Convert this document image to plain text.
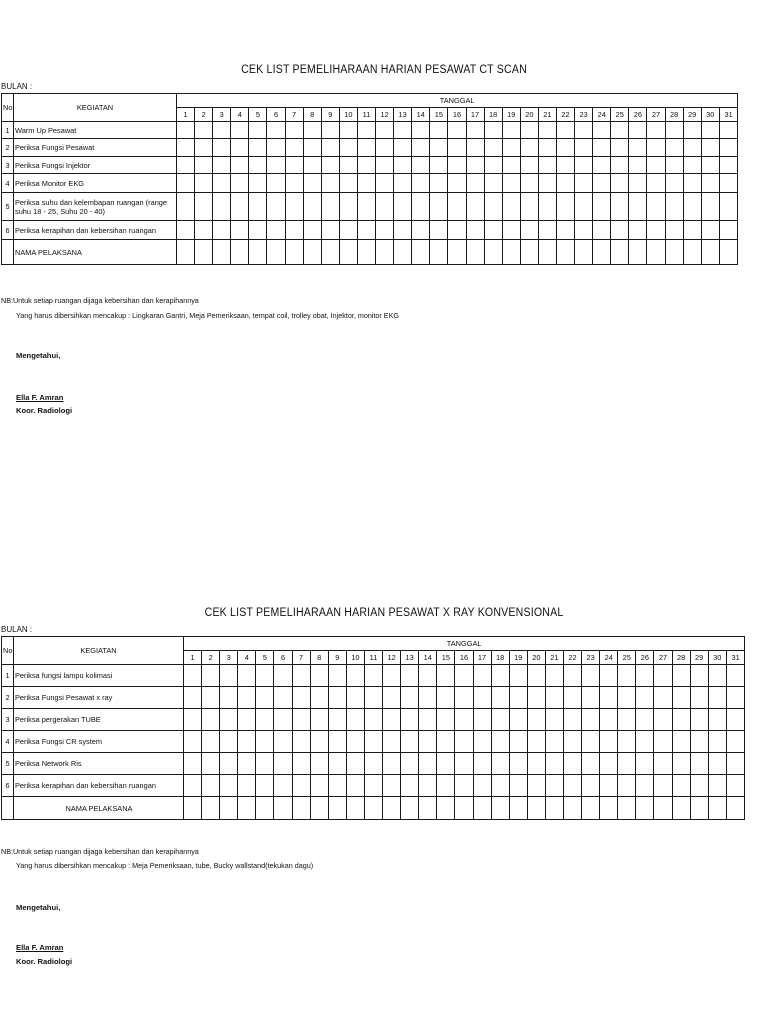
CEK LIST PEMELIHARAAN HARIAN PESAWAT CT SCAN
BULAN :
No	KEGIATAN	TANGGAL																														
		1	2	3	4	5	6	7	8	9	10	11	12	13	14	15	16	17	18	19	20	21	22	23	24	25	26	27	28	29	30	31
1	Warm Up Pesawat																															
2	Periksa Fungsi Pesawat																															
3	Periksa Fungsi Injektor																															
4	Periksa Monitor EKG																															
5	Periksa suhu dan kelembapan ruangan (range suhu 18 - 25, Suhu 20 - 40)																															
6	Periksa kerapihan dan kebersihan ruangan																															
	NAMA PELAKSANA																															
NB:Untuk setiap ruangan dijaga kebersihan dan kerapihannya
Yang harus dibersihkan mencakup : Lingkaran Gantri, Meja Pemeriksaan, tempat coil, trolley obat, Injektor, monitor EKG
Mengetahui,
Ella F. Amran
Koor. Radiologi
CEK LIST PEMELIHARAAN HARIAN PESAWAT X RAY KONVENSIONAL
BULAN :
No	KEGIATAN	TANGGAL																														
		1	2	3	4	5	6	7	8	9	10	11	12	13	14	15	16	17	18	19	20	21	22	23	24	25	26	27	28	29	30	31
1	Periksa fungsi lampu kolimasi																															
2	Periksa Fungsi Pesawat x ray																															
3	Periksa pergerakan TUBE																															
4	Periksa Fungsi CR system																															
5	Periksa Network Ris																															
6	Periksa kerapihan dan kebersihan ruangan																															
	NAMA PELAKSANA																															
NB:Untuk setiap ruangan dijaga kebersihan dan kerapihannya
Yang harus dibersihkan mencakup : Meja Pemeriksaan, tube, Bucky wallstand(tekukan dagu)
Mengetahui,
Ella F. Amran
Koor. Radiologi
